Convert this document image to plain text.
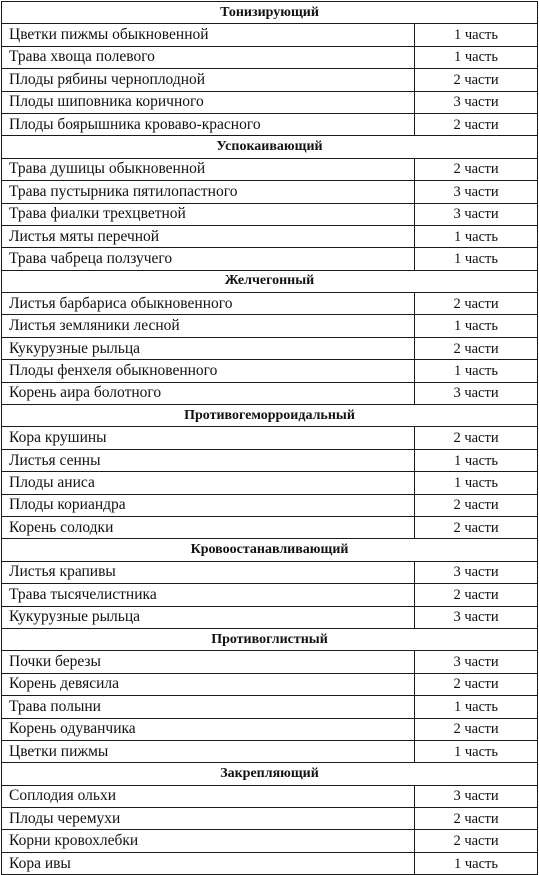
Тонизирующий	
Цветки пижмы обыкновенной	1 часть
Трава хвоща полевого	1 часть
Плоды рябины черноплодной	2 части
Плоды шиповника коричного	3 части
Плоды боярышника кроваво-красного	2 части
Успокаивающий	
Трава душицы обыкновенной	2 части
Трава пустырника пятилопастного	3 части
Трава фиалки трехцветной	3 части
Листья мяты перечной	1 часть
Трава чабреца ползучего	1 часть
Желчегонный	
Листья барбариса обыкновенного	2 части
Листья земляники лесной	1 часть
Кукурузные рыльца	2 части
Плоды фенхеля обыкновенного	1 часть
Корень аира болотного	3 части
Противогеморроидальный	
Кора крушины	2 части
Листья сенны	1 часть
Плоды аниса	1 часть
Плоды кориандра	2 части
Корень солодки	2 части
Кровоостанавливающий	
Листья крапивы	3 части
Трава тысячелистника	2 части
Кукурузные рыльца	3 части
Противоглистный	
Почки березы	3 части
Корень девясила	2 части
Трава полыни	1 часть
Корень одуванчика	2 части
Цветки пижмы	1 часть
Закрепляющий	
Соплодия ольхи	3 части
Плоды черемухи	2 части
Корни кровохлебки	2 части
Кора ивы	1 часть
